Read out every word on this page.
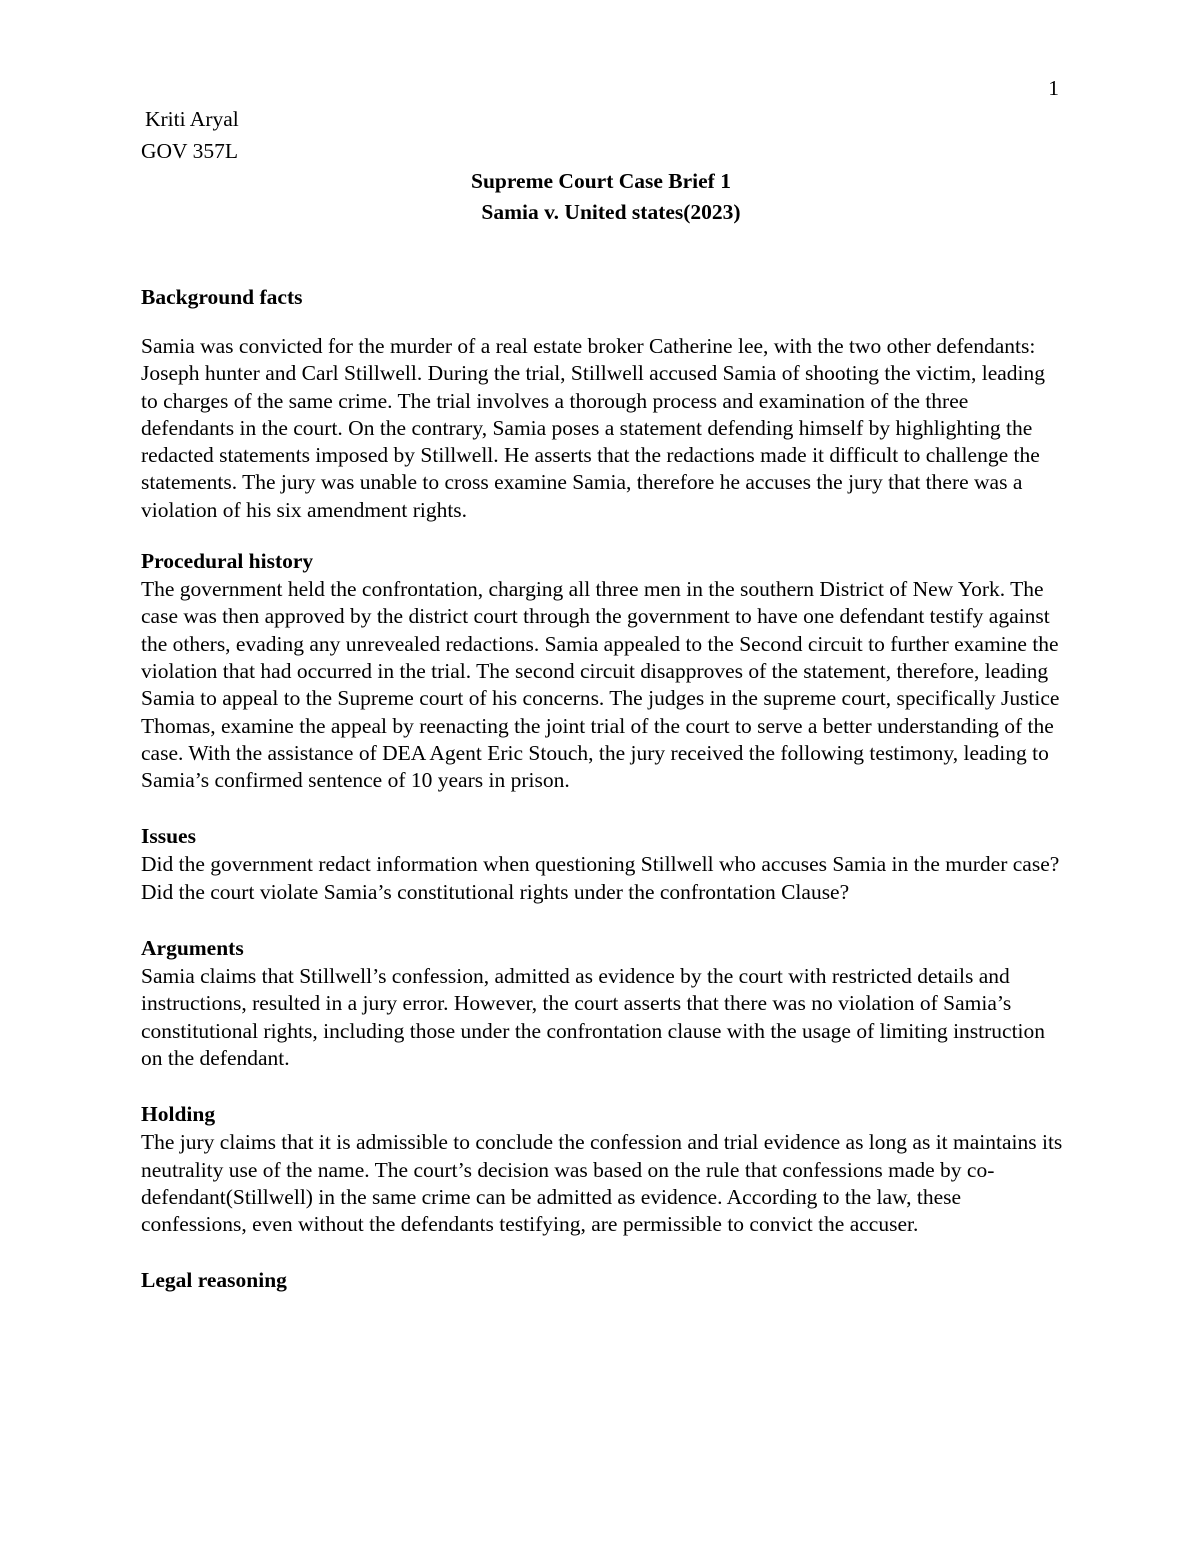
1
Kriti Aryal
GOV 357L
Supreme Court Case Brief 1
Samia v. United states(2023)
Background facts

Samia was convicted for the murder of a real estate broker Catherine lee, with the two other defendants: Joseph hunter and Carl Stillwell. During the trial, Stillwell accused Samia of shooting the victim, leading to charges of the same crime. The trial involves a thorough process and examination of the three defendants in the court. On the contrary, Samia poses a statement defending himself by highlighting the redacted statements imposed by Stillwell. He asserts that the redactions made it difficult to challenge the statements. The jury was unable to cross examine Samia, therefore he accuses the jury that there was a violation of his six amendment rights.

Procedural history

The government held the confrontation, charging all three men in the southern District of New York. The case was then approved by the district court through the government to have one defendant testify against the others, evading any unrevealed redactions. Samia appealed to the Second circuit to further examine the violation that had occurred in the trial. The second circuit disapproves of the statement, therefore, leading Samia to appeal to the Supreme court of his concerns. The judges in the supreme court, specifically Justice Thomas, examine the appeal by reenacting the joint trial of the court to serve a better understanding of the case. With the assistance of DEA Agent Eric Stouch, the jury received the following testimony, leading to Samia’s confirmed sentence of 10 years in prison.

Issues

Did the government redact information when questioning Stillwell who accuses Samia in the murder case?

Did the court violate Samia’s constitutional rights under the confrontation Clause?

Arguments

Samia claims that Stillwell’s confession, admitted as evidence by the court with restricted details and instructions, resulted in a jury error. However, the court asserts that there was no violation of Samia’s constitutional rights, including those under the confrontation clause with the usage of limiting instruction on the defendant.

Holding

The jury claims that it is admissible to conclude the confession and trial evidence as long as it maintains its neutrality use of the name. The court’s decision was based on the rule that confessions made by co-defendant(Stillwell) in the same crime can be admitted as evidence. According to the law, these confessions, even without the defendants testifying, are permissible to convict the accuser.

Legal reasoning
